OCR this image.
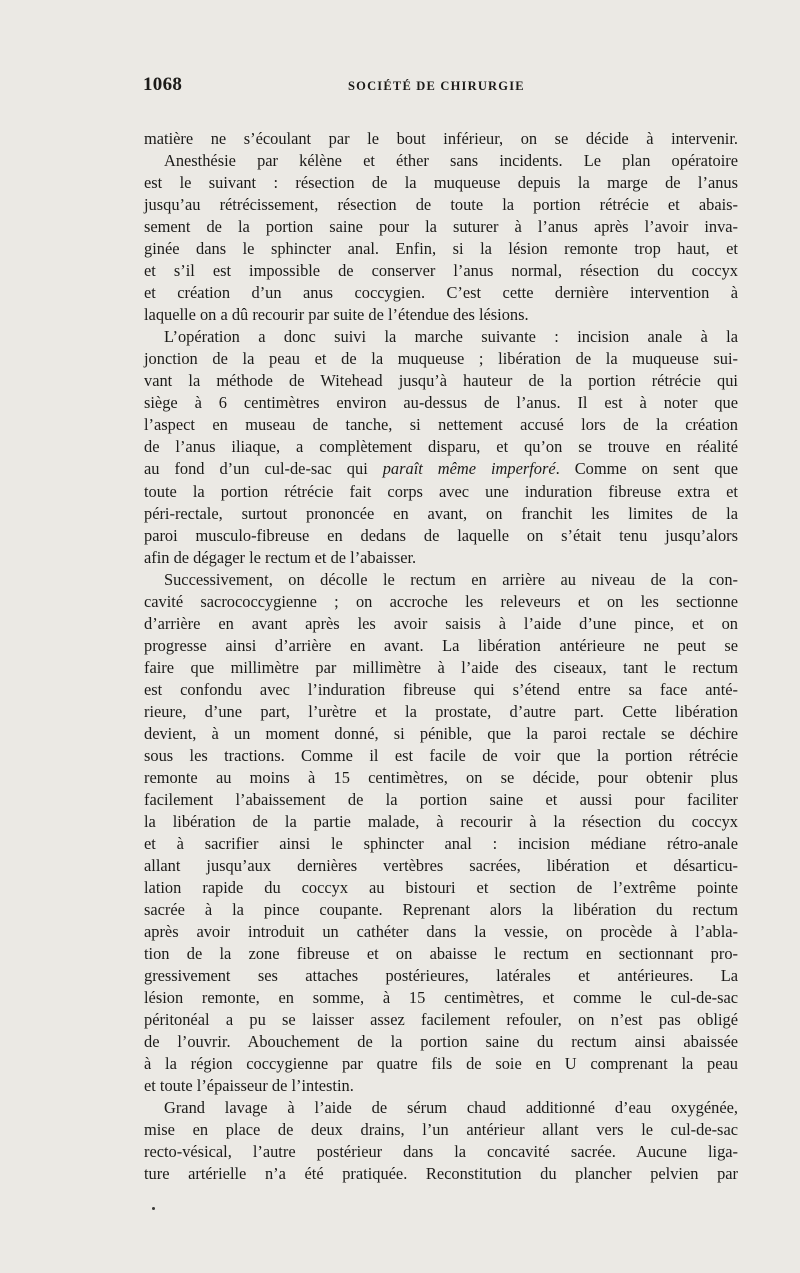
1068	SOCIÉTÉ DE CHIRURGIE
matière ne s’écoulant par le bout inférieur, on se décide à intervenir.
Anesthésie par kélène et éther sans incidents. Le plan opératoire
est le suivant : résection de la muqueuse depuis la marge de l’anus
jusqu’au rétrécissement, résection de toute la portion rétrécie et abais-
sement de la portion saine pour la suturer à l’anus après l’avoir inva-
ginée dans le sphincter anal. Enfin, si la lésion remonte trop haut, et
et s’il est impossible de conserver l’anus normal, résection du coccyx
et création d’un anus coccygien. C’est cette dernière intervention à
laquelle on a dû recourir par suite de l’étendue des lésions.
L’opération a donc suivi la marche suivante : incision anale à la
jonction de la peau et de la muqueuse ; libération de la muqueuse sui-
vant la méthode de Witehead jusqu’à hauteur de la portion rétrécie qui
siège à 6 centimètres environ au-dessus de l’anus. Il est à noter que
l’aspect en museau de tanche, si nettement accusé lors de la création
de l’anus iliaque, a complètement disparu, et qu’on se trouve en réalité
au fond d’un cul-de-sac qui paraît même imperforé. Comme on sent que
toute la portion rétrécie fait corps avec une induration fibreuse extra et
péri-rectale, surtout prononcée en avant, on franchit les limites de la
paroi musculo-fibreuse en dedans de laquelle on s’était tenu jusqu’alors
afin de dégager le rectum et de l’abaisser.
Successivement, on décolle le rectum en arrière au niveau de la con-
cavité sacrococcygienne ; on accroche les releveurs et on les sectionne
d’arrière en avant après les avoir saisis à l’aide d’une pince, et on
progresse ainsi d’arrière en avant. La libération antérieure ne peut se
faire que millimètre par millimètre à l’aide des ciseaux, tant le rectum
est confondu avec l’induration fibreuse qui s’étend entre sa face anté-
rieure, d’une part, l’urètre et la prostate, d’autre part. Cette libération
devient, à un moment donné, si pénible, que la paroi rectale se déchire
sous les tractions. Comme il est facile de voir que la portion rétrécie
remonte au moins à 15 centimètres, on se décide, pour obtenir plus
facilement l’abaissement de la portion saine et aussi pour faciliter
la libération de la partie malade, à recourir à la résection du coccyx
et à sacrifier ainsi le sphincter anal : incision médiane rétro-anale
allant jusqu’aux dernières vertèbres sacrées, libération et désarticu-
lation rapide du coccyx au bistouri et section de l’extrême pointe
sacrée à la pince coupante. Reprenant alors la libération du rectum
après avoir introduit un cathéter dans la vessie, on procède à l’abla-
tion de la zone fibreuse et on abaisse le rectum en sectionnant pro-
gressivement ses attaches postérieures, latérales et antérieures. La
lésion remonte, en somme, à 15 centimètres, et comme le cul-de-sac
péritonéal a pu se laisser assez facilement refouler, on n’est pas obligé
de l’ouvrir. Abouchement de la portion saine du rectum ainsi abaissée
à la région coccygienne par quatre fils de soie en U comprenant la peau
et toute l’épaisseur de l’intestin.
Grand lavage à l’aide de sérum chaud additionné d’eau oxygénée,
mise en place de deux drains, l’un antérieur allant vers le cul-de-sac
recto-vésical, l’autre postérieur dans la concavité sacrée. Aucune liga-
ture artérielle n’a été pratiquée. Reconstitution du plancher pelvien par
